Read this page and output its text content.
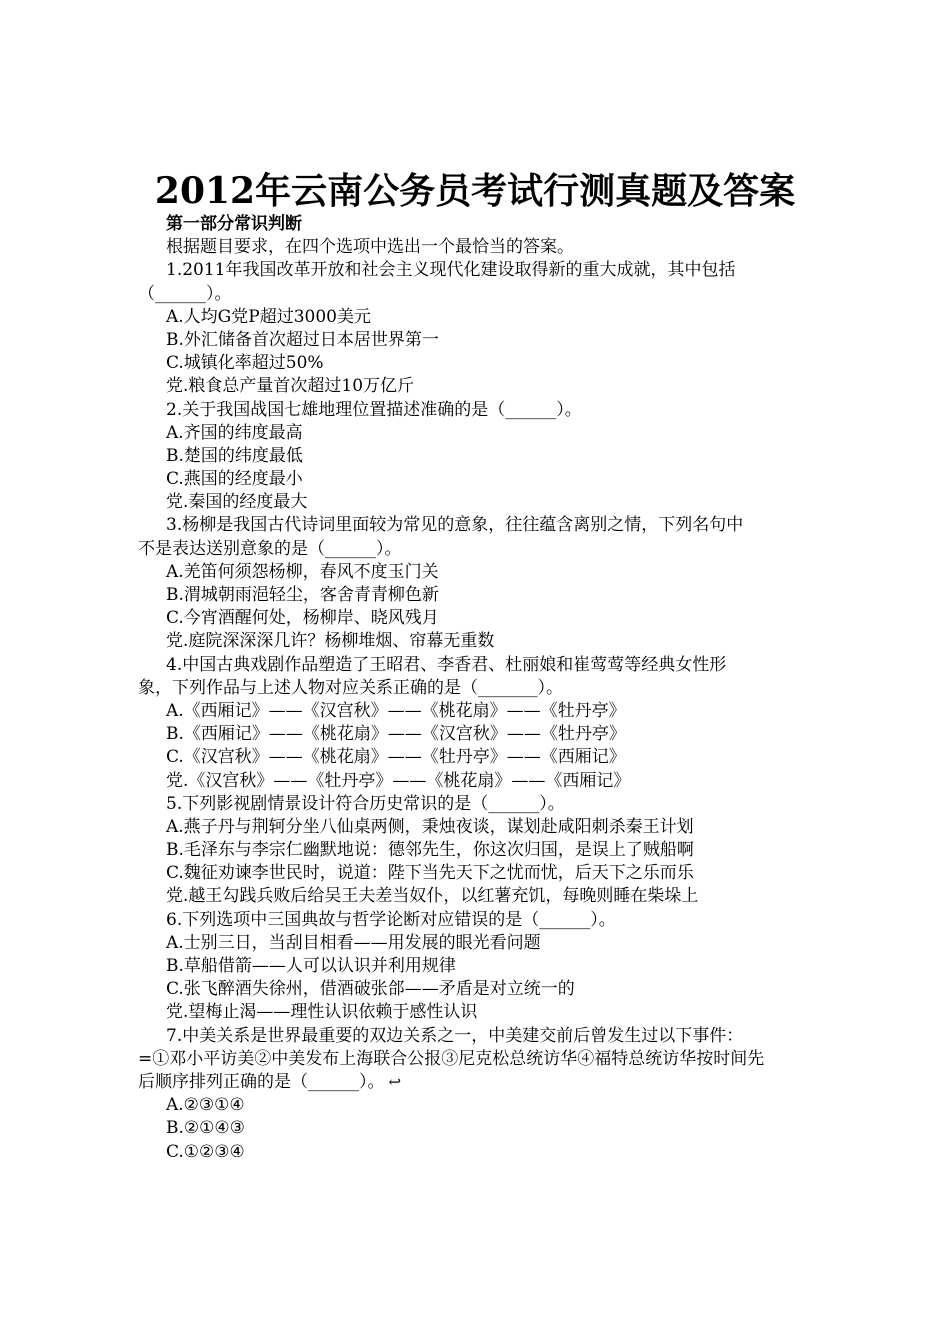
2012年云南公务员考试行测真题及答案
第一部分常识判断
根据题目要求，在四个选项中选出一个最恰当的答案。
1.2011年我国改革开放和社会主义现代化建设取得新的重大成就，其中包括
（______）。
A.人均G党P超过3000美元
B.外汇储备首次超过日本居世界第一
C.城镇化率超过50%
党.粮食总产量首次超过10万亿斤
2.关于我国战国七雄地理位置描述准确的是（______）。
A.齐国的纬度最高
B.楚国的纬度最低
C.燕国的经度最小
党.秦国的经度最大
3.杨柳是我国古代诗词里面较为常见的意象，往往蕴含离别之情，下列名句中
不是表达送别意象的是（______）。
A.羌笛何须怨杨柳，春风不度玉门关
B.渭城朝雨浥轻尘，客舍青青柳色新
C.今宵酒醒何处，杨柳岸、晓风残月
党.庭院深深深几许？杨柳堆烟、帘幕无重数
4.中国古典戏剧作品塑造了王昭君、李香君、杜丽娘和崔莺莺等经典女性形
象，下列作品与上述人物对应关系正确的是（_______）。
A.《西厢记》——《汉宫秋》——《桃花扇》——《牡丹亭》
B.《西厢记》——《桃花扇》——《汉宫秋》——《牡丹亭》
C.《汉宫秋》——《桃花扇》——《牡丹亭》——《西厢记》
党.《汉宫秋》——《牡丹亭》——《桃花扇》——《西厢记》
5.下列影视剧情景设计符合历史常识的是（______）。
A.燕子丹与荆轲分坐八仙桌两侧，秉烛夜谈，谋划赴咸阳刺杀秦王计划
B.毛泽东与李宗仁幽默地说：德邻先生，你这次归国，是误上了贼船啊
C.魏征劝谏李世民时，说道：陛下当先天下之忧而忧，后天下之乐而乐
党.越王勾践兵败后给吴王夫差当奴仆，以红薯充饥，每晚则睡在柴垛上
6.下列选项中三国典故与哲学论断对应错误的是（______）。
A.士别三日，当刮目相看——用发展的眼光看问题
B.草船借箭——人可以认识并利用规律
C.张飞醉酒失徐州，借酒破张郃——矛盾是对立统一的
党.望梅止渴——理性认识依赖于感性认识
7.中美关系是世界最重要的双边关系之一，中美建交前后曾发生过以下事件：
=①邓小平访美②中美发布上海联合公报③尼克松总统访华④福特总统访华按时间先
后顺序排列正确的是（______）。 ↩
A.②③①④
B.②①④③
C.①②③④
